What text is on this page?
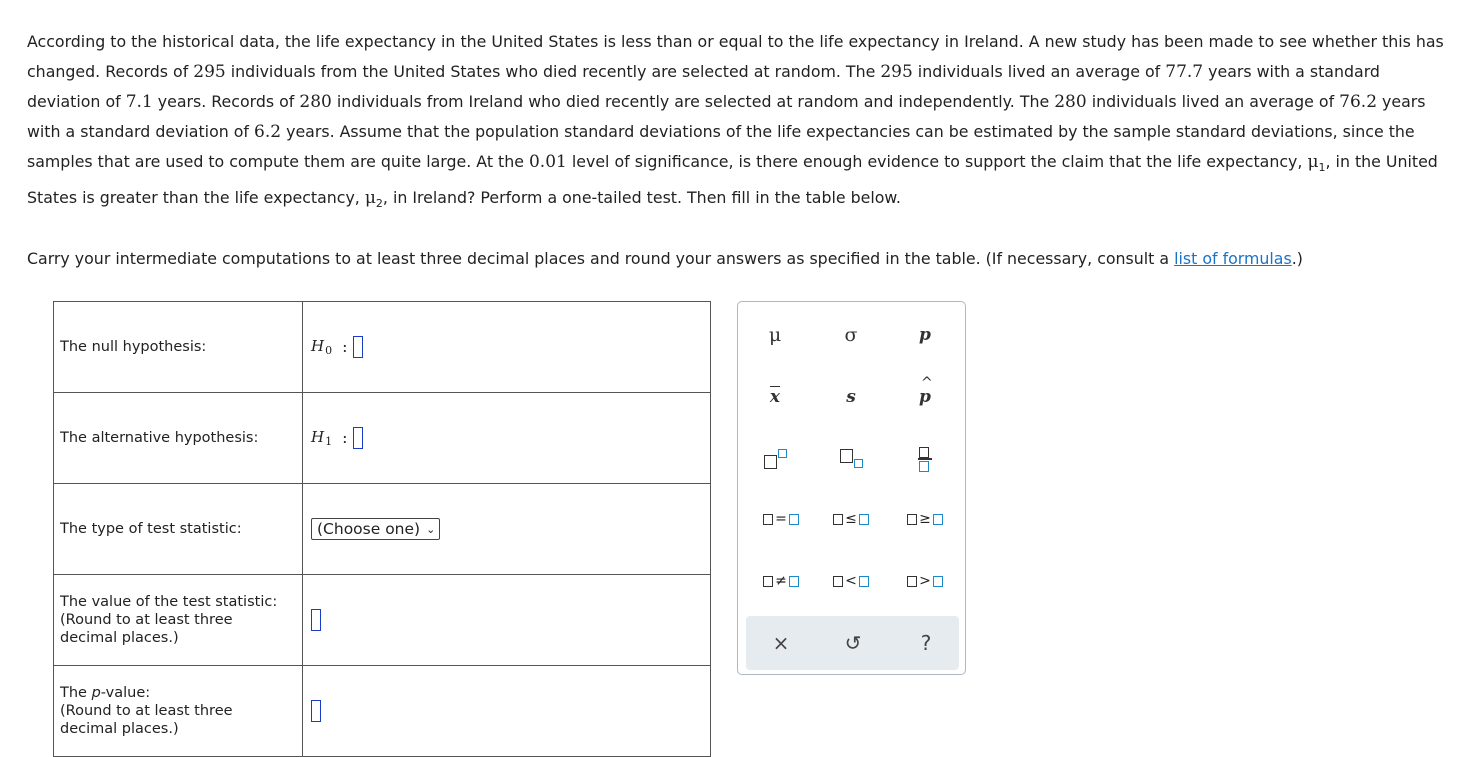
According to the historical data, the life expectancy in the United States is less than or equal to the life expectancy in Ireland. A new study has been made to see whether this has changed. Records of 295 individuals from the United States who died recently are selected at random. The 295 individuals lived an average of 77.7 years with a standard deviation of 7.1 years. Records of 280 individuals from Ireland who died recently are selected at random and independently. The 280 individuals lived an average of 76.2 years with a standard deviation of 6.2 years. Assume that the population standard deviations of the life expectancies can be estimated by the sample standard deviations, since the samples that are used to compute them are quite large. At the 0.01 level of significance, is there enough evidence to support the claim that the life expectancy, $\mu_1$, in the United States is greater than the life expectancy, $\mu_2$, in Ireland? Perform a one-tailed test. Then fill in the table below.
Carry your intermediate computations to at least three decimal places and round your answers as specified in the table. (If necessary, consult a list of formulas.)
The null hypothesis:	$H_0$ :

The alternative hypothesis:	$H_1$ :

The type of test statistic:	(Choose one) ⌄

The value of the test statistic:
(Round to at least three
decimal places.)	

The p-value:
(Round to at least three
decimal places.)	

μ	σ	p
$\overline{x}$	s
^
p
=	≤	≥
≠	<	>
×	↺	?
